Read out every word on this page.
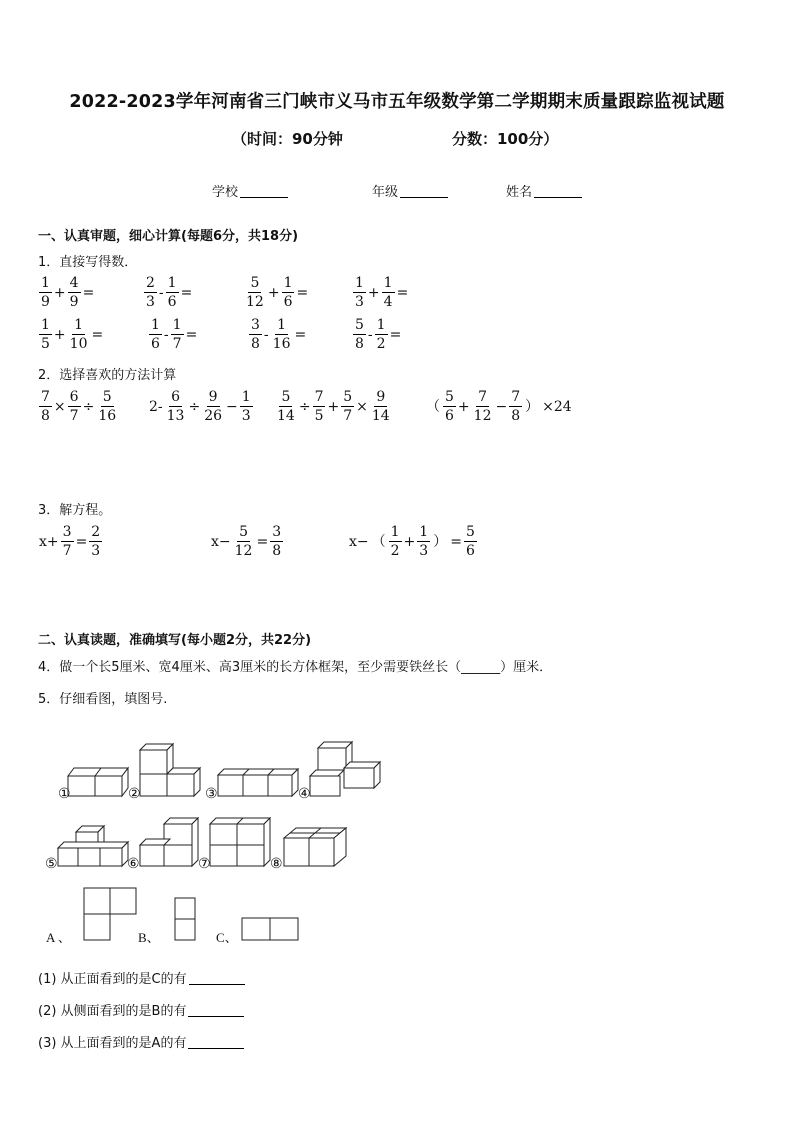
2022-2023学年河南省三门峡市义马市五年级数学第二学期期末质量跟踪监视试题
（时间：90分钟	分数：100分）
学校	年级	姓名
一、认真审题，细心计算(每题6分，共18分)
1．直接写得数．
$\frac{1}{9} + \frac{4}{9}$ =	$\frac{2}{3} - \frac{1}{6}$ =	$\frac{5}{12} + \frac{1}{6}$ =	$\frac{1}{3} + \frac{1}{4}$ =
$\frac{1}{5} + \frac{1}{10}$ =	$\frac{1}{6} - \frac{1}{7}$ =	$\frac{3}{8} - \frac{1}{16}$ =	$\frac{5}{8} - \frac{1}{2}$ =
2．选择喜欢的方法计算
$\frac{7}{8} \times \frac{6}{7} \div \frac{5}{16} 2- \frac{6}{13} \div \frac{9}{26} - \frac{1}{3} \frac{5}{14} \div \frac{7}{5} + \frac{5}{7} \times \frac{9}{14}$ （ $\frac{5}{6} + \frac{7}{12} - \frac{7}{8}$ ） ×24
3．解方程。
$x+ \frac{3}{7} = \frac{2}{3}$	$x- \frac{5}{12} = \frac{3}{8}$	x− （ $\frac{1}{2} + \frac{1}{3}$ ） = $\frac{5}{6}$
二、认真读题，准确填写(每小题2分，共22分)
4．做一个长5厘米、宽4厘米、高3厘米的长方体框架，至少需要铁丝长（______）厘米．
5．仔细看图，填图号.
①	②	③	④
⑤	⑥	⑦	⑧
A 、	B、	C、
(1) 从正面看到的是C的有
(2) 从侧面看到的是B的有
(3) 从上面看到的是A的有
